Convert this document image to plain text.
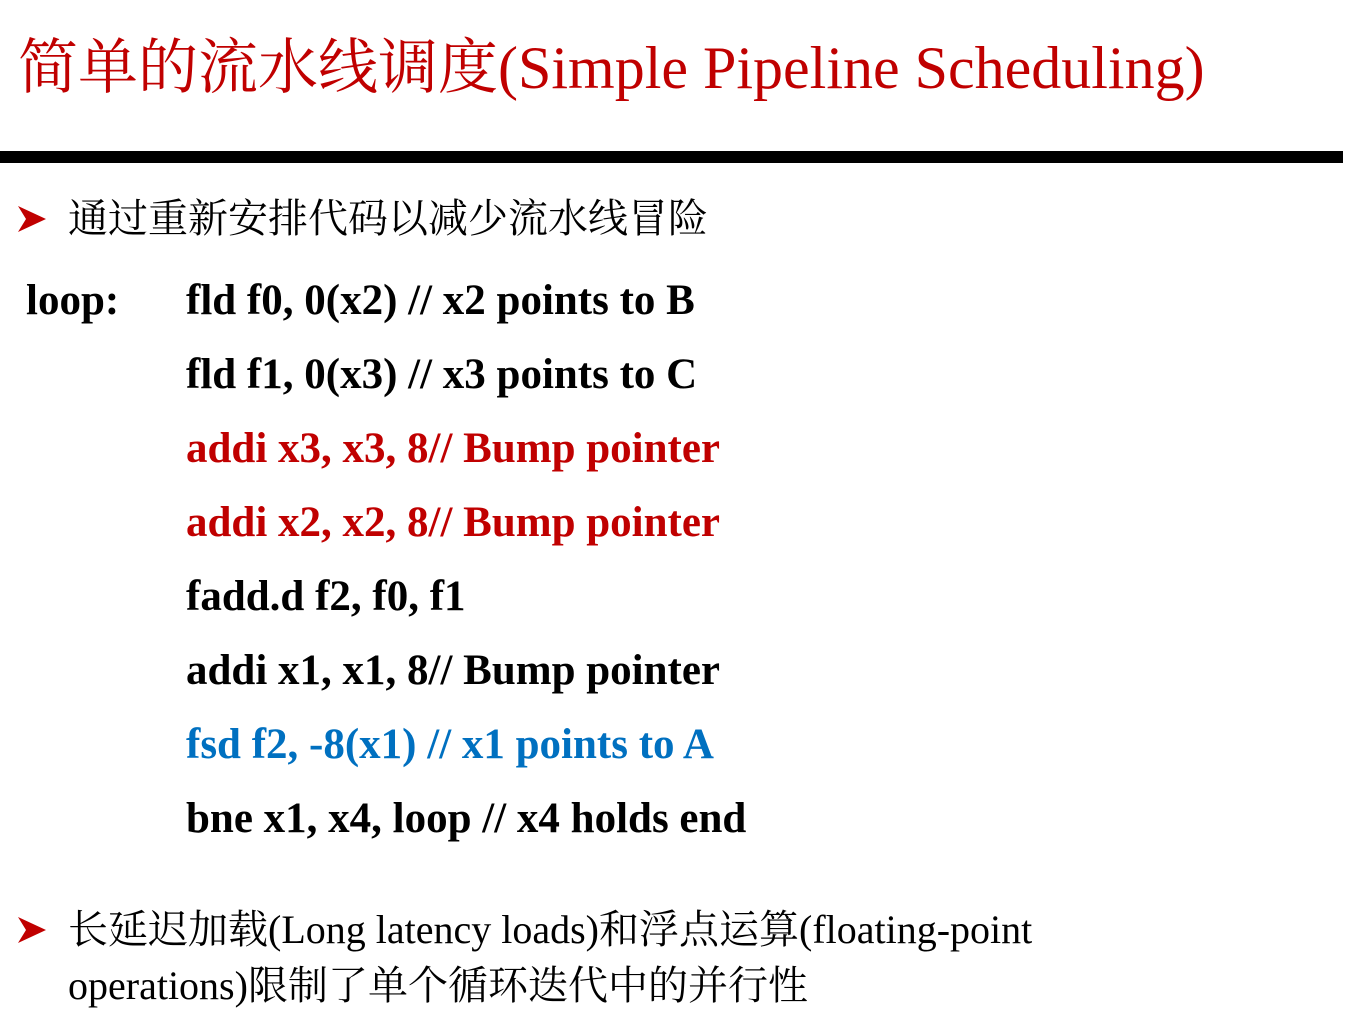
简单的流水线调度(Simple Pipeline Scheduling)
通过重新安排代码以减少流水线冒险
loop: fld f0, 0(x2) // x2 points to B
fld f1, 0(x3) // x3 points to C
addi x3, x3, 8// Bump pointer
addi x2, x2, 8// Bump pointer
fadd.d f2, f0, f1
addi x1, x1, 8// Bump pointer
fsd f2, -8(x1) // x1 points to A
bne x1, x4, loop // x4 holds end
长延迟加载(Long latency loads)和浮点运算(floating-point
operations)限制了单个循环迭代中的并行性
